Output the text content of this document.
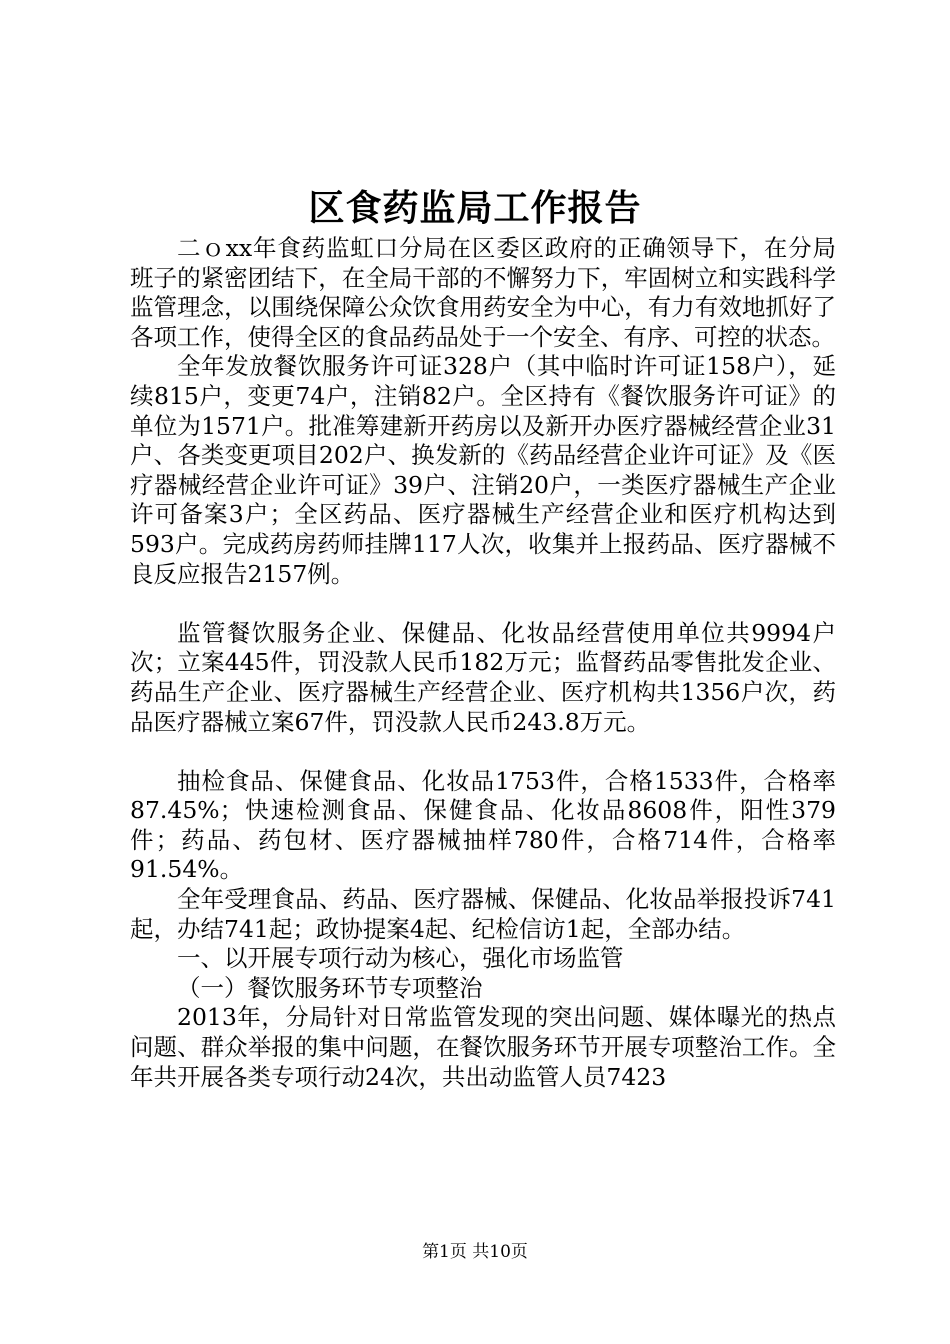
区食药监局工作报告

二ｏxx年食药监虹口分局在区委区政府的正确领导下，在分局班子的紧密团结下，在全局干部的不懈努力下，牢固树立和实践科学监管理念，以围绕保障公众饮食用药安全为中心，有力有效地抓好了各项工作，使得全区的食品药品处于一个安全、有序、可控的状态。

全年发放餐饮服务许可证328户（其中临时许可证158户），延续815户，变更74户，注销82户。全区持有《餐饮服务许可证》的单位为1571户。批准筹建新开药房以及新开办医疗器械经营企业31户、各类变更项目202户、换发新的《药品经营企业许可证》及《医疗器械经营企业许可证》39户、注销20户，一类医疗器械生产企业许可备案3户；全区药品、医疗器械生产经营企业和医疗机构达到593户。完成药房药师挂牌117人次，收集并上报药品、医疗器械不良反应报告2157例。

监管餐饮服务企业、保健品、化妆品经营使用单位共9994户次；立案445件，罚没款人民币182万元；监督药品零售批发企业、药品生产企业、医疗器械生产经营企业、医疗机构共1356户次，药品医疗器械立案67件，罚没款人民币243.8万元。

抽检食品、保健食品、化妆品1753件，合格1533件，合格率87.45%；快速检测食品、保健食品、化妆品8608件，阳性379件；药品、药包材、医疗器械抽样780件，合格714件，合格率91.54%。

全年受理食品、药品、医疗器械、保健品、化妆品举报投诉741起，办结741起；政协提案4起、纪检信访1起，全部办结。

一、以开展专项行动为核心，强化市场监管

（一）餐饮服务环节专项整治

2013年，分局针对日常监管发现的突出问题、媒体曝光的热点问题、群众举报的集中问题，在餐饮服务环节开展专项整治工作。全年共开展各类专项行动24次，共出动监管人员7423

第1页 共10页
